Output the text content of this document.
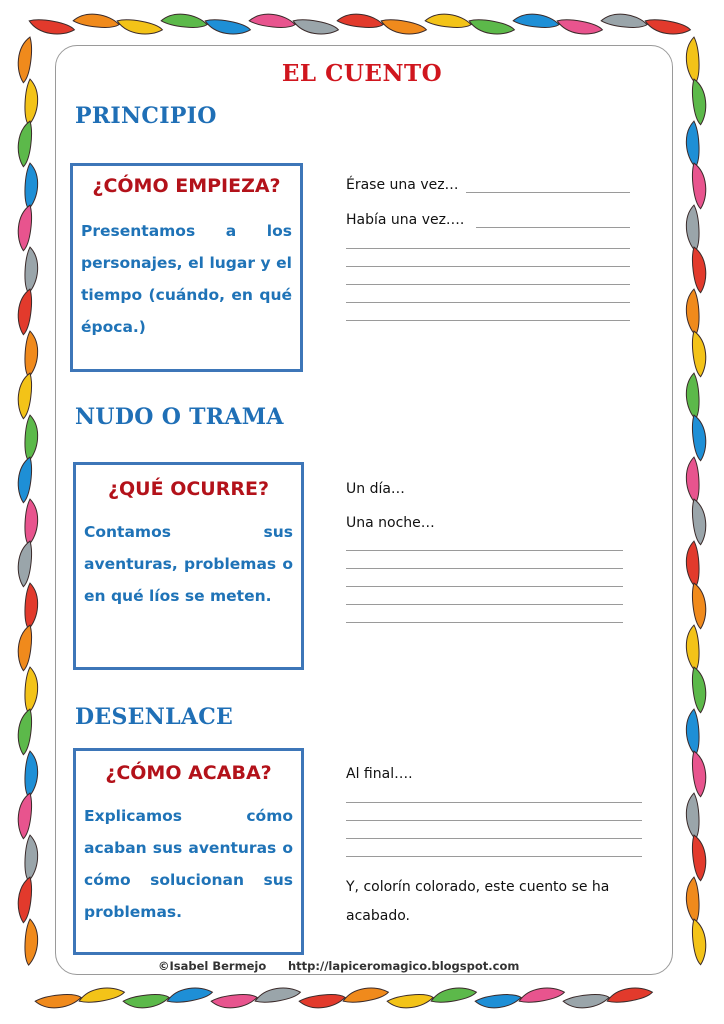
EL CUENTO
PRINCIPIO
¿CÓMO EMPIEZA?
Presentamos a los personajes, el lugar y el tiempo (cuándo, en qué época.)
Érase una vez…
Había una vez….
NUDO O TRAMA
¿QUÉ OCURRE?
Contamos sus aventuras, problemas o en qué líos se meten.
Un día…
Una noche…
DESENLACE
¿CÓMO ACABA?
Explicamos cómo acaban sus aventuras o cómo solucionan sus problemas.
Al final….
Y, colorín colorado, este cuento se ha acabado.
©Isabel Bermejo http://lapiceromagico.blogspot.com
